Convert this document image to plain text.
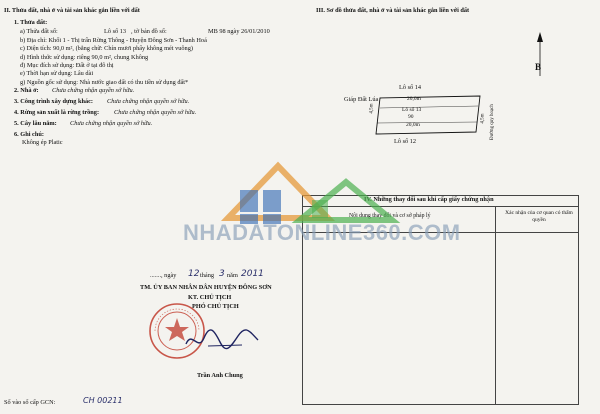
II. Thửa đất, nhà ở và tài sản khác gắn liền với đất
1. Thửa đất:
a) Thửa đất số:	Lô số 13 , tờ bản đồ số:	MB 98 ngày 26/01/2010
b) Địa chỉ: Khối 1 - Thị trấn Rừng Thông - Huyện Đông Sơn - Thanh Hoá
c) Diện tích: 90,0 m², (bằng chữ: Chín mươi phẩy không mét vuông)
d) Hình thức sử dụng: riêng 90,0 m², chung Không
đ) Mục đích sử dụng: Đất ở tại đô thị
e) Thời hạn sử dụng: Lâu dài
g) Nguồn gốc sử dụng: Nhà nước giao đất có thu tiền sử dụng đất*
2. Nhà ở: Chưa chứng nhận quyền sở hữu.
3. Công trình xây dựng khác: Chưa chứng nhận quyền sở hữu.
4. Rừng sản xuất là rừng trồng: Chưa chứng nhận quyền sở hữu.
5. Cây lâu năm: Chưa chứng nhận quyền sở hữu.
6. Ghi chú:
Không ép Platic
......., ngày 12 tháng 3 năm 2011
TM. ỦY BAN NHÂN DÂN HUYỆN ĐÔNG SƠN
KT. CHỦ TỊCH
PHÓ CHỦ TỊCH
Trần Anh Chung
Số vào sổ cấp GCN:	CH 00211
III. Sơ đồ thửa đất, nhà ở và tài sản khác gắn liền với đất
Lô số 14
Giáp Đất Lúa
Lô số 12
20,0m
Lô số 13
90
20,0m
4,5m
4,5m Đường quy hoạch
B
IV. Những thay đổi sau khi cấp giấy chứng nhận
Nội dung thay đổi và cơ sở pháp lý	Xác nhận của cơ quan có thẩm quyền
NHADATONLINE360.COM
